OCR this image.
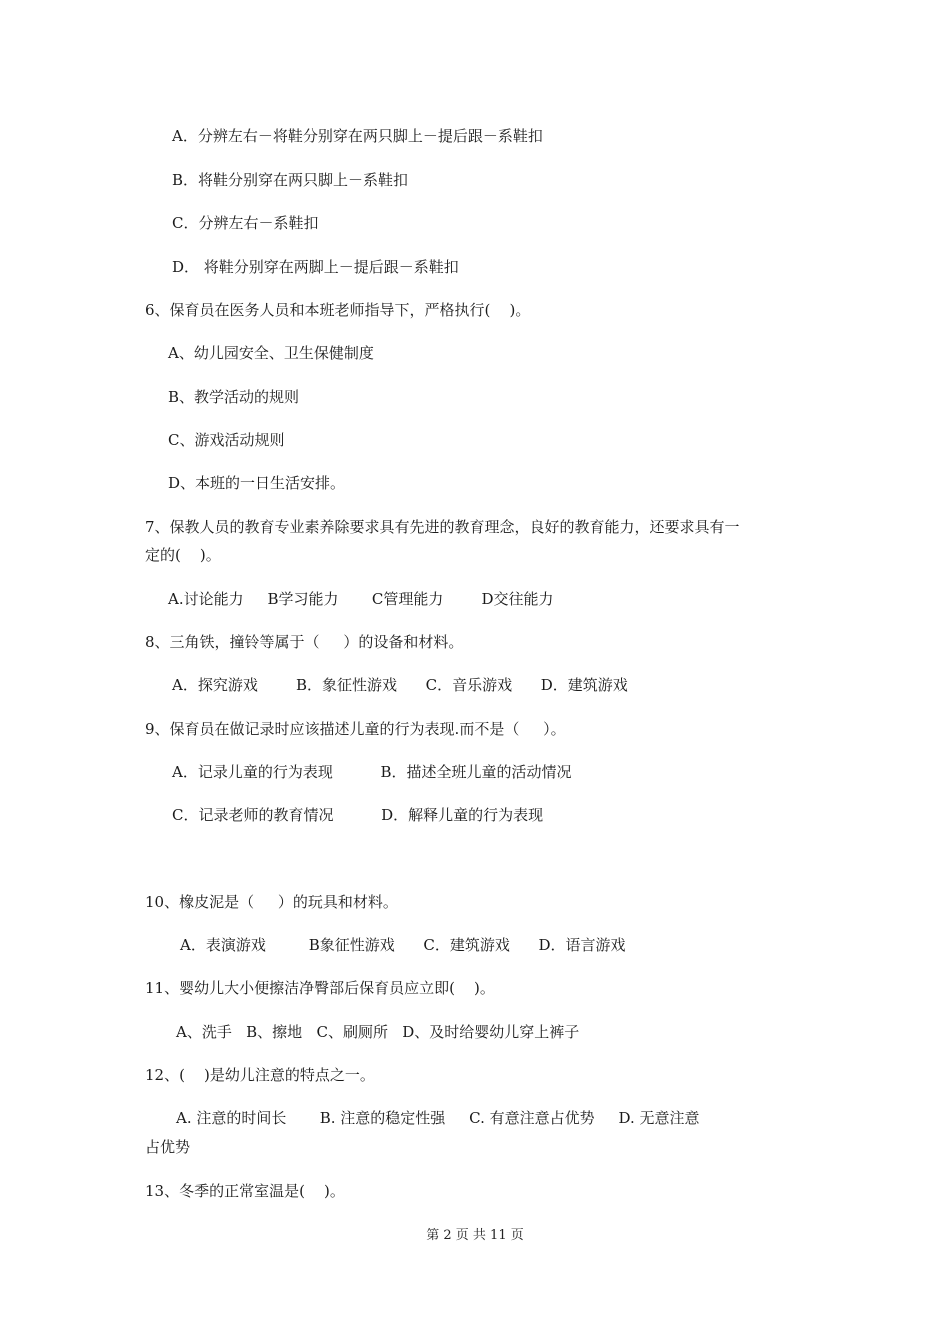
A．分辨左右－将鞋分别穿在两只脚上－提后跟－系鞋扣
B．将鞋分别穿在两只脚上－系鞋扣
C．分辨左右－系鞋扣
D． 将鞋分别穿在两脚上－提后跟－系鞋扣
6、保育员在医务人员和本班老师指导下，严格执行(    )。
A、幼儿园安全、卫生保健制度
B、教学活动的规则
C、游戏活动规则
D、本班的一日生活安排。
7、保教人员的教育专业素养除要求具有先进的教育理念，良好的教育能力，还要求具有一
定的(    )。
A.讨论能力     B学习能力       C管理能力        D交往能力
8、三角铁，撞铃等属于（     ）的设备和材料。
A．探究游戏        B．象征性游戏      C．音乐游戏      D．建筑游戏
9、保育员在做记录时应该描述儿童的行为表现.而不是（     ）。
A．记录儿童的行为表现          B．描述全班儿童的活动情况
C．记录老师的教育情况          D．解释儿童的行为表现
10、橡皮泥是（     ）的玩具和材料。
A．表演游戏         B象征性游戏      C．建筑游戏      D．语言游戏
11、婴幼儿大小便擦洁净臀部后保育员应立即(    )。
A、洗手   B、擦地   C、刷厕所   D、及时给婴幼儿穿上裤子
12、(    )是幼儿注意的特点之一。
A. 注意的时间长       B. 注意的稳定性强     C. 有意注意占优势     D. 无意注意
占优势
13、冬季的正常室温是(    )。
第 2 页 共 11 页
